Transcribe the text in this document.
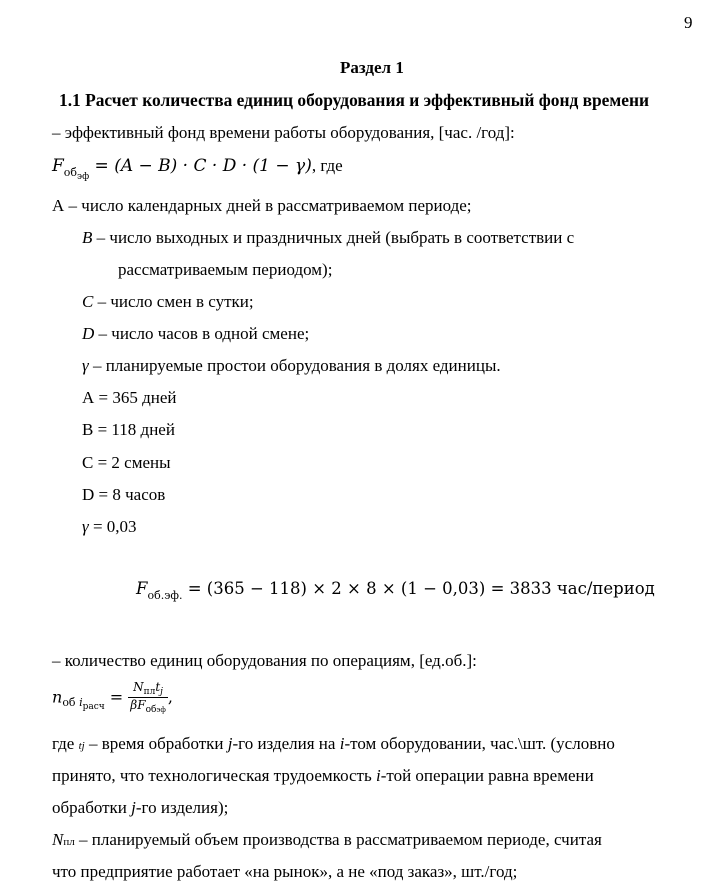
9
Раздел 1
1.1 Расчет количества единиц оборудования и эффективный фонд времени
– эффективный фонд времени работы оборудования, [час. /год]:
$F_{об_{эф}} = (A - B) \cdot C \cdot D \cdot (1 - \gamma)$, где
А – число календарных дней в рассматриваемом периоде;
B – число выходных и праздничных дней (выбрать в соответствии с
рассматриваемым периодом);
C – число смен в сутки;
D – число часов в одной смене;
γ – планируемые простои оборудования в долях единицы.
А = 365 дней
B = 118 дней
C = 2 смены
D = 8 часов
γ = 0,03
$F_{об.эф.} = (365 - 118) \times 2 \times 8 \times (1 - 0,03) = 3833$ час/период
– количество единиц оборудования по операциям, [ед.об.]:
$n_{об i_{расч}} = \frac{N_{пл}t_j}{\beta F_{обэф}}$ ,
где tj – время обработки j-го изделия на i-том оборудовании, час.\шт. (условно
принято, что технологическая трудоемкость i-той операции равна времени
обработки j-го изделия);
Nпл – планируемый объем производства в рассматриваемом периоде, считая
что предприятие работает «на рынок», а не «под заказ», шт./год;
